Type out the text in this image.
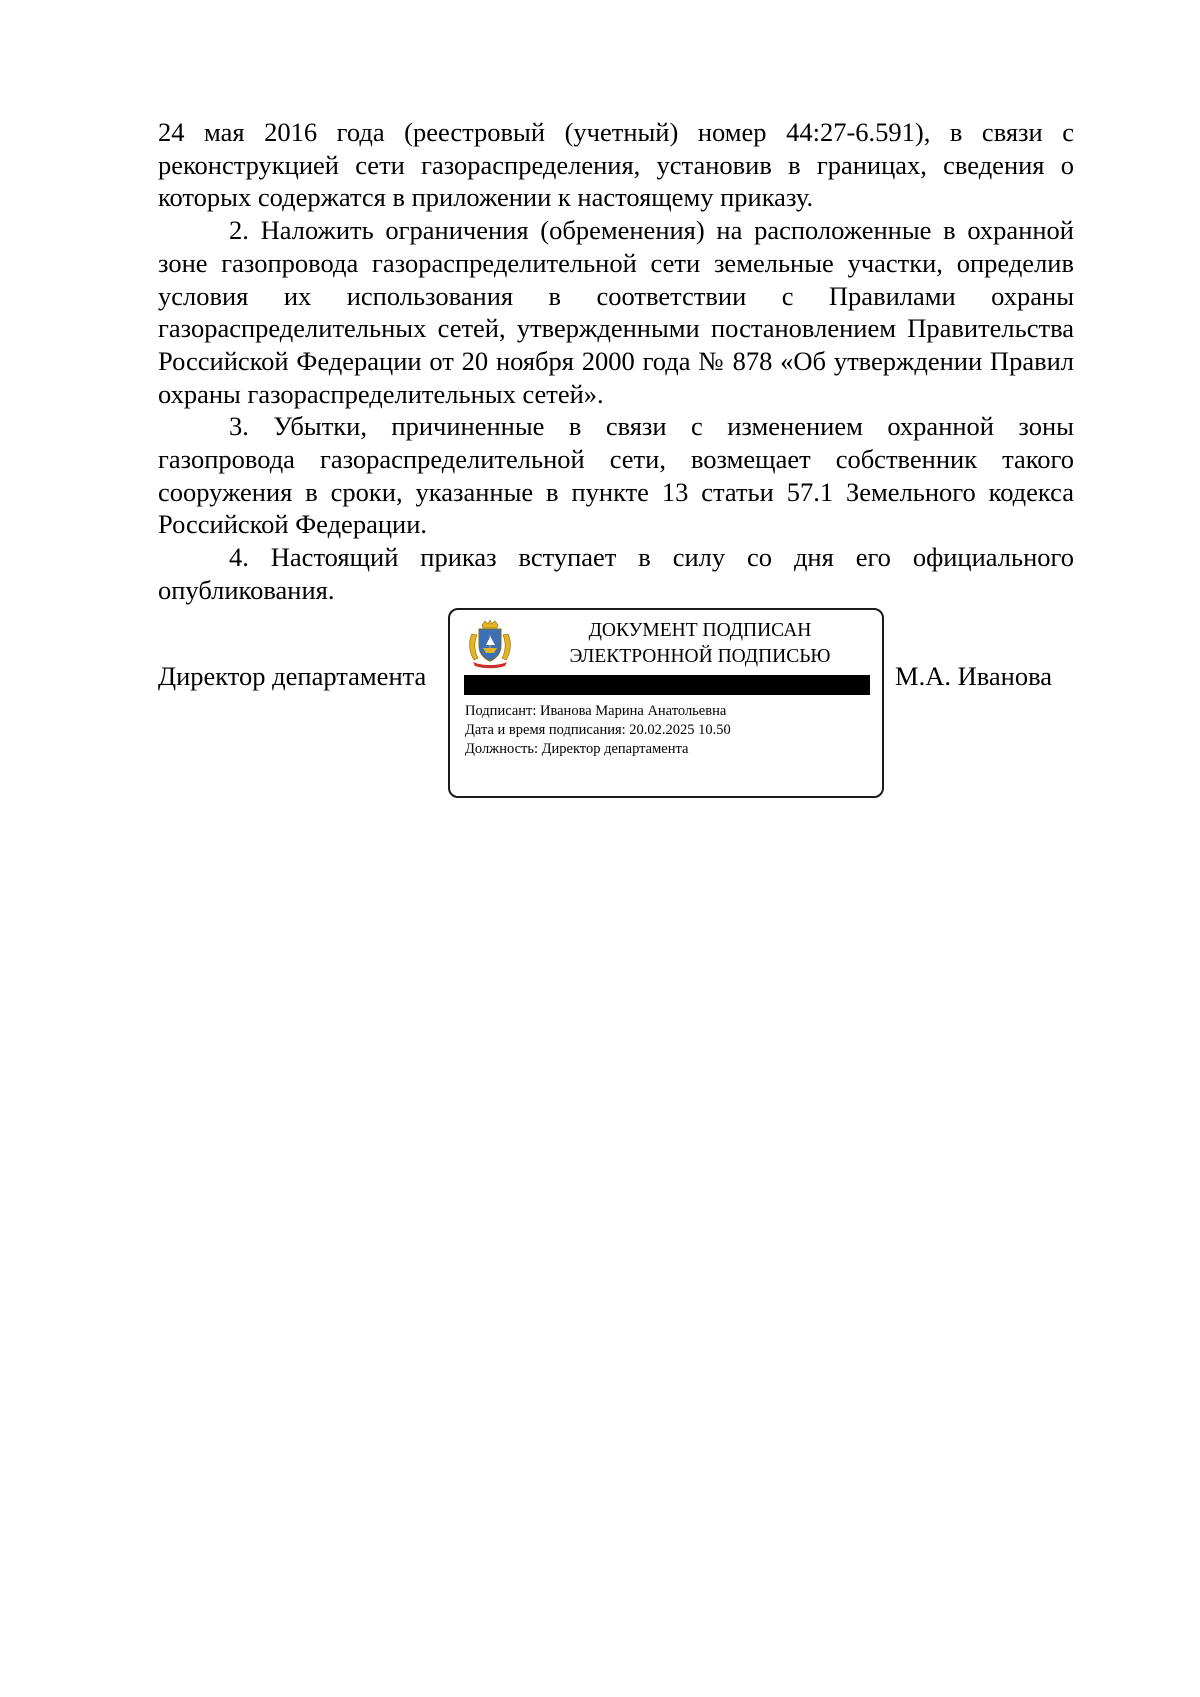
24 мая 2016 года (реестровый (учетный) номер 44:27-6.591), в связи с реконструкцией сети газораспределения, установив в границах, сведения о которых содержатся в приложении к настоящему приказу.

2. Наложить ограничения (обременения) на расположенные в охранной зоне газопровода газораспределительной сети земельные участки, определив условия их использования в соответствии с Правилами охраны газораспределительных сетей, утвержденными постановлением Правительства Российской Федерации от 20 ноября 2000 года № 878 «Об утверждении Правил охраны газораспределительных сетей».

3. Убытки, причиненные в связи с изменением охранной зоны газопровода газораспределительной сети, возмещает собственник такого сооружения в сроки, указанные в пункте 13 статьи 57.1 Земельного кодекса Российской Федерации.

4. Настоящий приказ вступает в силу со дня его официального опубликования.

Директор департамента
ДОКУМЕНТ ПОДПИСАН
ЭЛЕКТРОННОЙ ПОДПИСЬЮ
Подписант: Иванова Марина Анатольевна
Дата и время подписания: 20.02.2025 10.50
Должность: Директор департамента
М.А. Иванова
